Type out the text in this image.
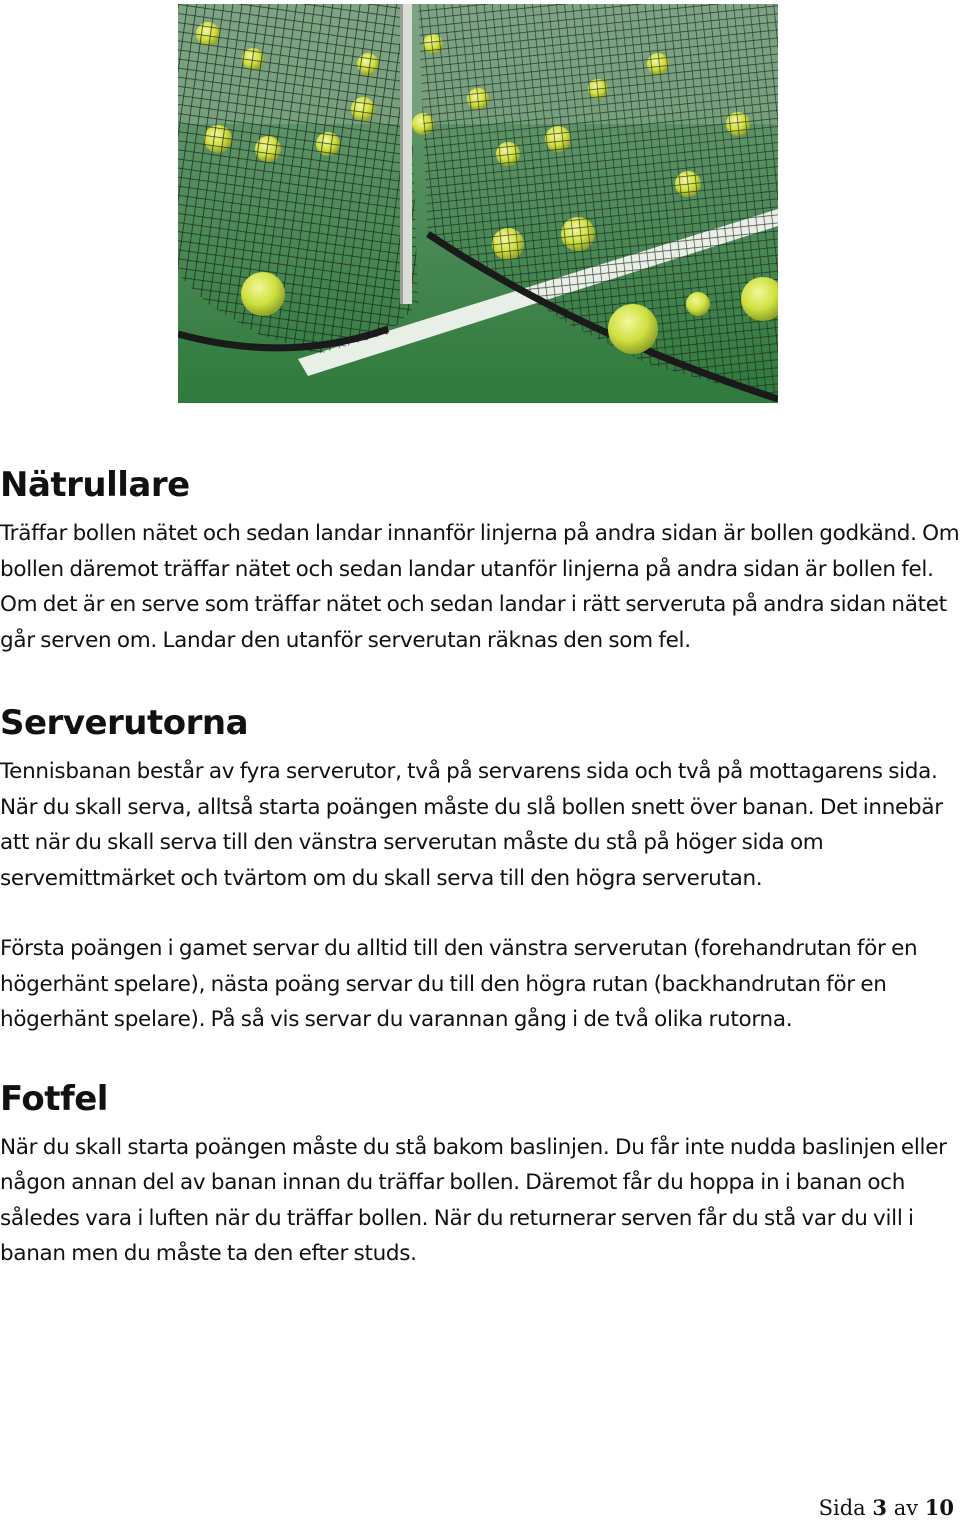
Nätrullare

Träffar bollen nätet och sedan landar innanför linjerna på andra sidan är bollen godkänd. Om bollen däremot träffar nätet och sedan landar utanför linjerna på andra sidan är bollen fel. Om det är en serve som träffar nätet och sedan landar i rätt serveruta på andra sidan nätet går serven om. Landar den utanför serverutan räknas den som fel.

Serverutorna

Tennisbanan består av fyra serverutor, två på servarens sida och två på mottagarens sida. När du skall serva, alltså starta poängen måste du slå bollen snett över banan. Det innebär att när du skall serva till den vänstra serverutan måste du stå på höger sida om servemittmärket och tvärtom om du skall serva till den högra serverutan.

Första poängen i gamet servar du alltid till den vänstra serverutan (forehandrutan för en högerhänt spelare), nästa poäng servar du till den högra rutan (backhandrutan för en högerhänt spelare). På så vis servar du varannan gång i de två olika rutorna.

Fotfel

När du skall starta poängen måste du stå bakom baslinjen. Du får inte nudda baslinjen eller någon annan del av banan innan du träffar bollen. Däremot får du hoppa in i banan och således vara i luften när du träffar bollen. När du returnerar serven får du stå var du vill i banan men du måste ta den efter studs.

Sida 3 av 10
